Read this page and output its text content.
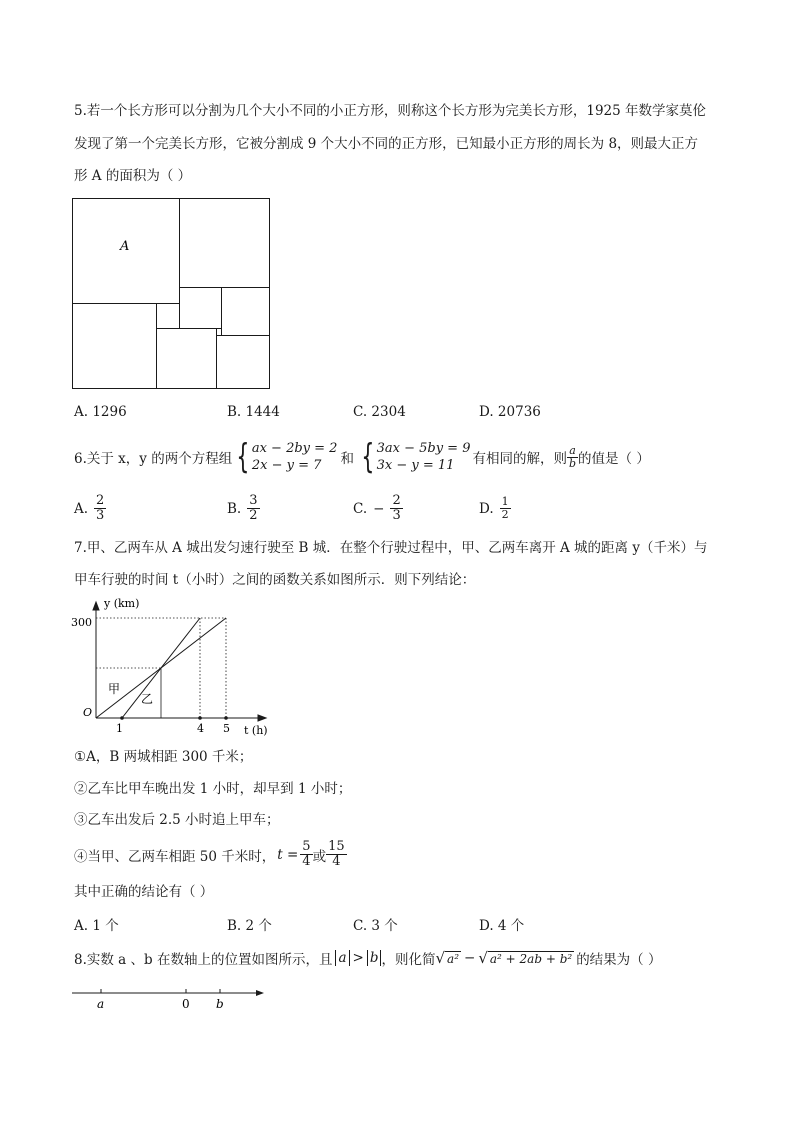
5.若一个长方形可以分割为几个大小不同的小正方形，则称这个长方形为完美长方形，1925 年数学家莫伦
发现了第一个完美长方形，它被分割成 9 个大小不同的正方形，已知最小正方形的周长为 8，则最大正方
形 A 的面积为（ ）
A
A. 1296	B. 1444	C. 2304	D. 20736
6.关于 x，y 的两个方程组 { ax − 2by = 2
2x − y = 7	和 { 3ax − 5by = 9
3x − y = 11	有相同的解，则 $\frac{a}{b}$ 的值是（ ）
A. $\frac{2}{3}$	B. $\frac{3}{2}$	C. − $\frac{2}{3}$	D. $\frac{1}{2}$
7.甲、乙两车从 A 城出发匀速行驶至 B 城．在整个行驶过程中，甲、乙两车离开 A 城的距离 y（千米）与
甲车行驶的时间 t（小时）之间的函数关系如图所示．则下列结论：
y (km)
t (h)
300
O
1	4 5
甲
乙
①A，B 两城相距 300 千米；
②乙车比甲车晚出发 1 小时，却早到 1 小时；
③乙车出发后 2.5 小时追上甲车；
④当甲、乙两车相距 50 千米时， $t = \frac{5}{4}$ 或 $\frac{15}{4}$
其中正确的结论有（ ）
A. 1 个	B. 2 个	C. 3 个	D. 4 个
8.实数 a 、b 在数轴上的位置如图所示，且 a > b ，则化简 √ a² − √ a² + 2ab + b² 的结果为（ ）
a	0 b
